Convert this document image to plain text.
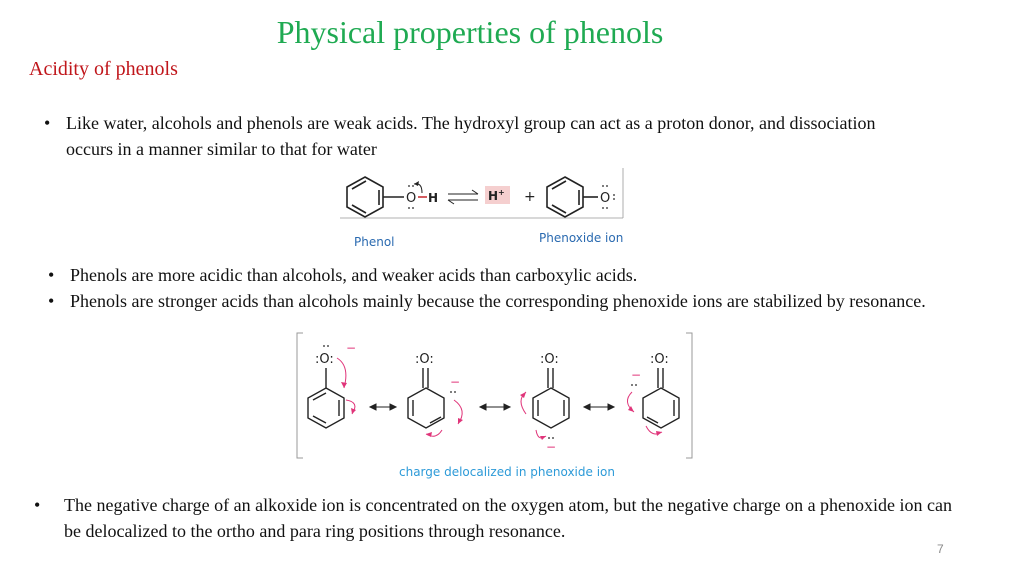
Physical properties of phenols
Acidity of phenols
• Like water, alcohols and phenols are weak acids. The hydroxyl group can act as a proton donor, and dissociation occurs in a manner similar to that for water
O H	H+ +	O
Phenol	Phenoxide ion
• Phenols are more acidic than alcohols, and weaker acids than carboxylic acids.
• Phenols are stronger acids than alcohols mainly because the corresponding phenoxide ions are stabilized by resonance.
:O:
−
:O:
−
:O:
−
:O:
−
charge delocalized in phenoxide ion
• The negative charge of an alkoxide ion is concentrated on the oxygen atom, but the negative charge on a phenoxide ion can be delocalized to the ortho and para ring positions through resonance.
7
